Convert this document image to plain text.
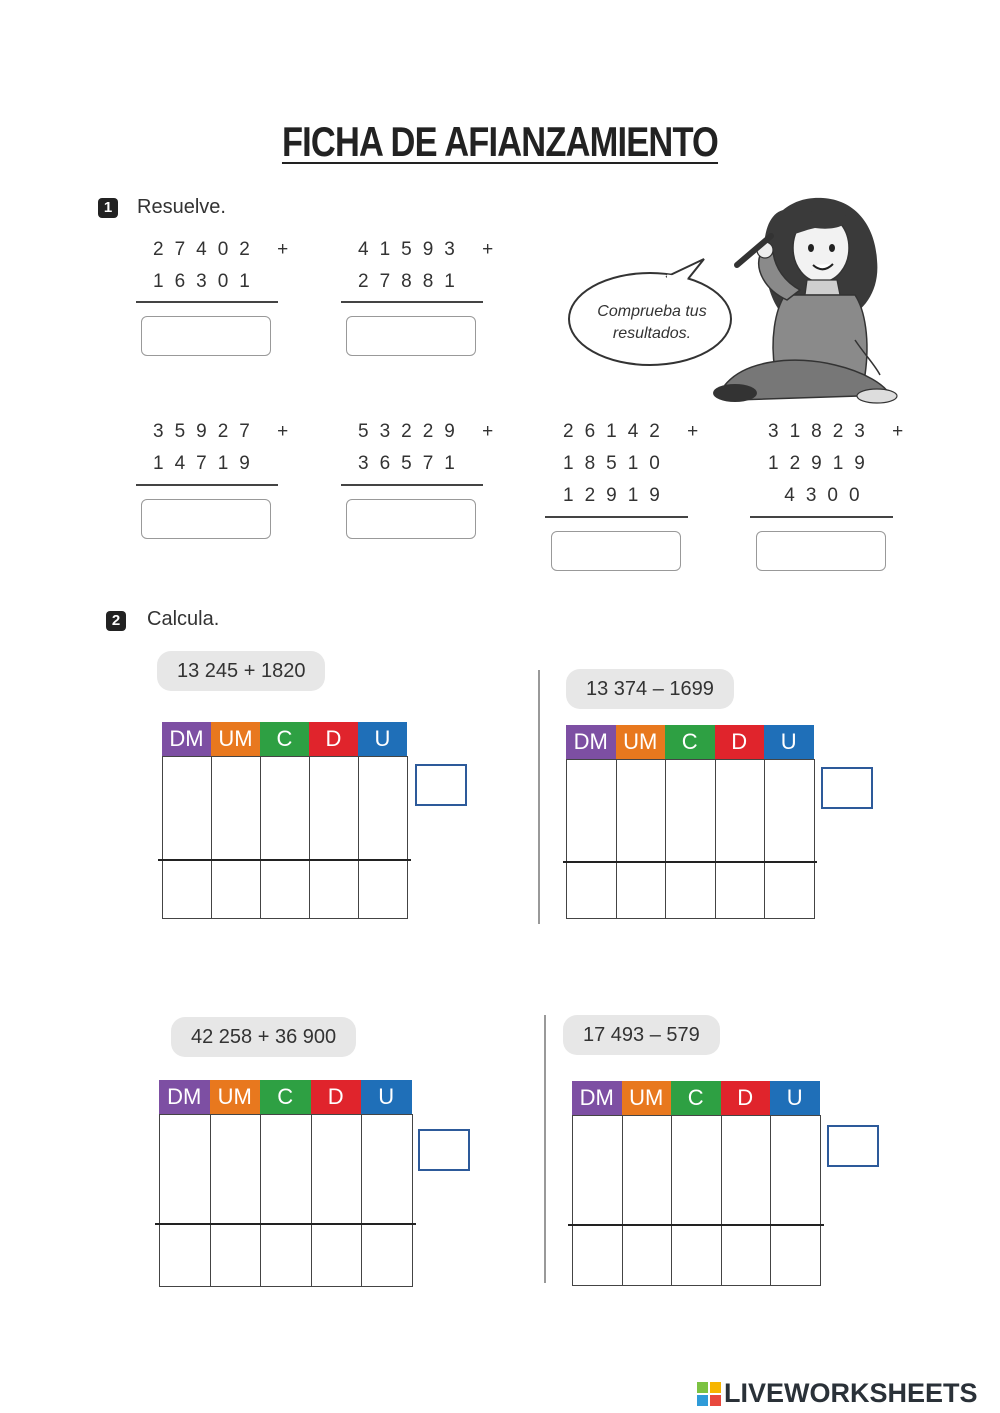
FICHA DE AFIANZAMIENTO
1 Resuelve.
27402 +
16301
41593 +
27881
Comprueba tus
resultados.
35927 +
14719
53229 +
36571
26142 +
18510
12919
31823 +
12919
4300
2 Calcula.
13 245 + 1820
13 374 – 1699
42 258 + 36 900	17 493 – 579
DM UM	C	D	U	DM UM	C	D	U
DM UM	C	D	U	DM UM	C	D	U
LIVEWORKSHEETS
